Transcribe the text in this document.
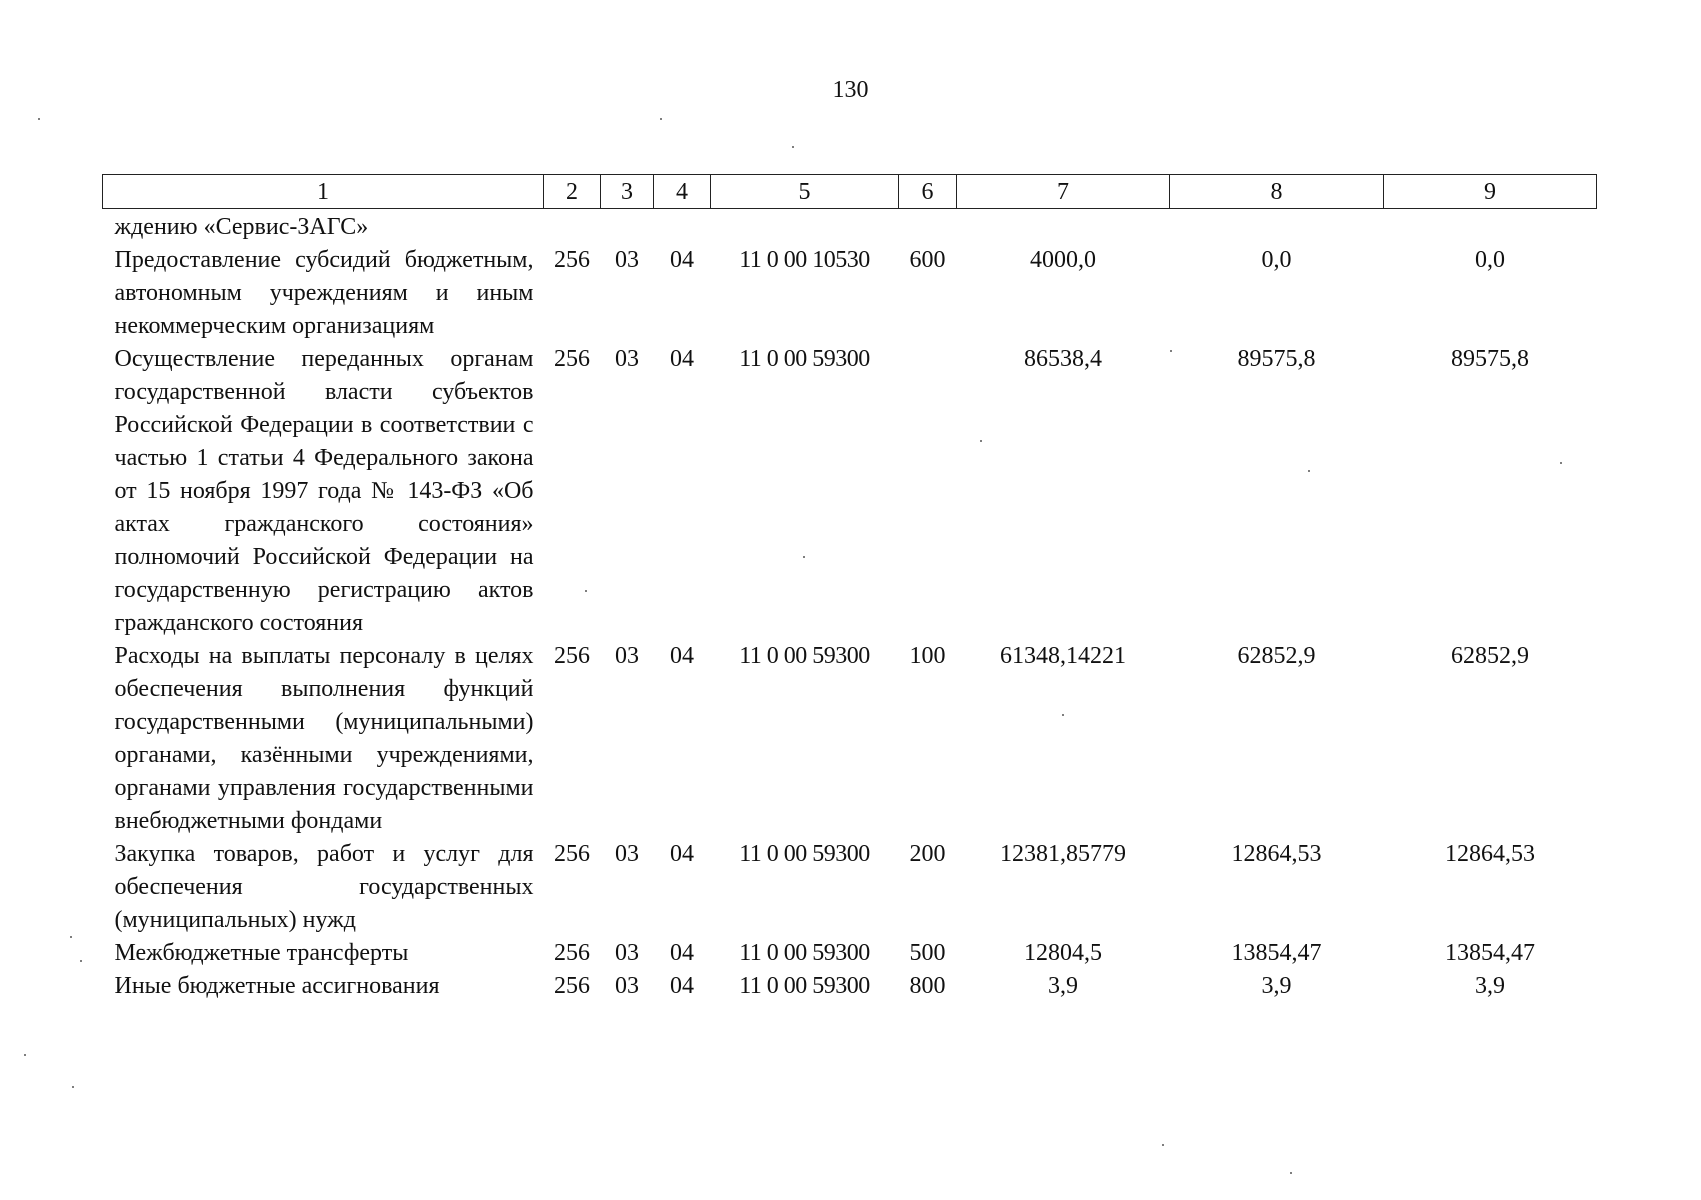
130
1	2	3	4	5	6	7	8	9
ждению «Сервис-ЗАГС»								
Предоставление субсидий бюджетным, автономным учреждениям и иным некоммерческим организациям	256	03	04	11 0 00 10530	600	4000,0	0,0	0,0
Осуществление переданных органам государственной власти субъектов Российской Федерации в соответствии с частью 1 статьи 4 Федерального закона от 15 ноября 1997 года № 143-ФЗ «Об актах гражданского состояния» полномочий Российской Федерации на государственную регистрацию актов гражданского состояния	256	03	04	11 0 00 59300		86538,4	89575,8	89575,8
Расходы на выплаты персоналу в целях обеспечения выполнения функций государственными (муниципальными) органами, казёнными учреждениями, органами управления государственными внебюджетными фондами	256	03	04	11 0 00 59300	100	61348,14221	62852,9	62852,9
Закупка товаров, работ и услуг для обеспечения государственных (муниципальных) нужд	256	03	04	11 0 00 59300	200	12381,85779	12864,53	12864,53
Межбюджетные трансферты	256	03	04	11 0 00 59300	500	12804,5	13854,47	13854,47
Иные бюджетные ассигнования	256	03	04	11 0 00 59300	800	3,9	3,9	3,9
